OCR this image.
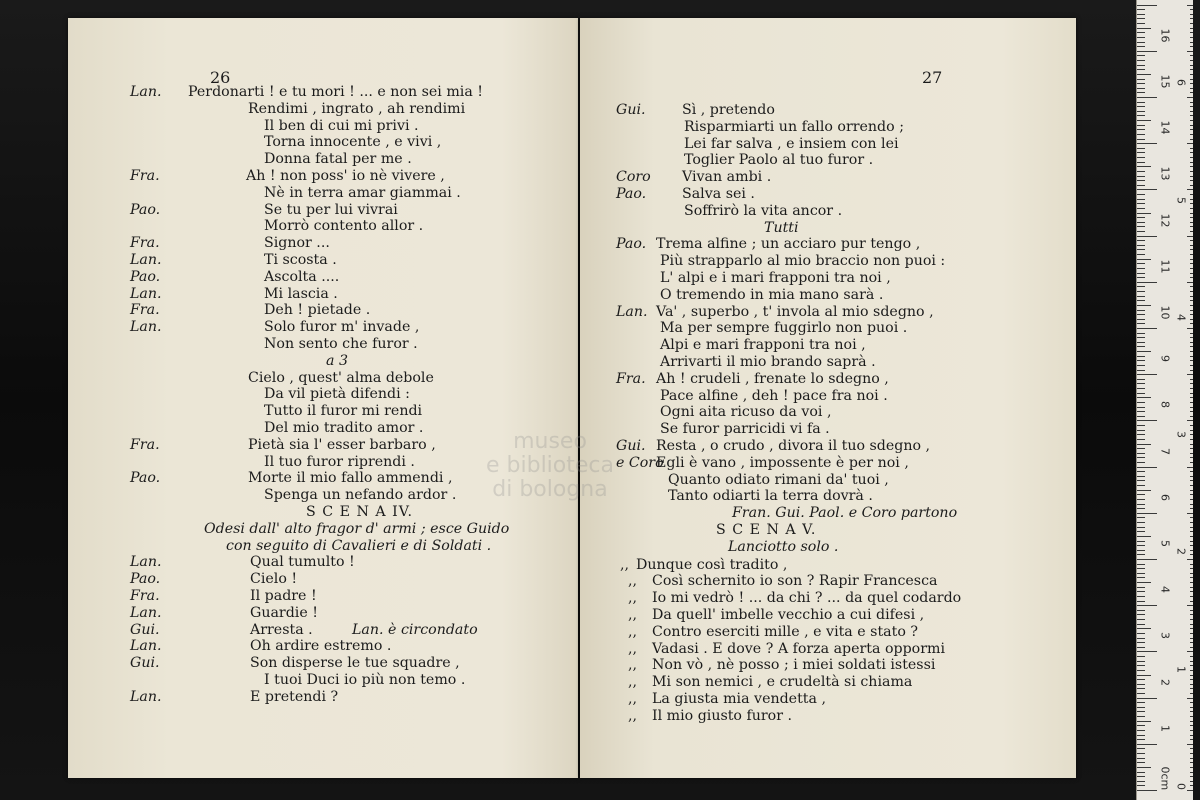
26
Lan. Perdonarti ! e tu mori ! ... e non sei mia !
Rendimi , ingrato , ah rendimi
Il ben di cui mi privi .
Torna innocente , e vivi ,
Donna fatal per me .
Fra.	Ah ! non poss' io nè vivere ,
Nè in terra amar giammai .
Pao.	Se tu per lui vivrai
Morrò contento allor .
Fra.	Signor ...
Lan.	Ti scosta .
Pao.	Ascolta ....
Lan.	Mi lascia .
Fra.	Deh ! pietade .
Lan.	Solo furor m' invade ,
Non sento che furor .
a 3
Cielo , quest' alma debole
Da vil pietà difendi :
Tutto il furor mi rendi
Del mio tradito amor .
Fra.	Pietà sia l' esser barbaro ,
Il tuo furor riprendi .
Pao.	Morte il mio fallo ammendi ,
Spenga un nefando ardor .
S C E N A IV.
Odesi dall' alto fragor d' armi ; esce Guido
con seguito di Cavalieri e di Soldati .
Lan.	Qual tumulto !
Pao.	Cielo !
Fra.	Il padre !
Lan.	Guardie !
Gui.	Arresta .	Lan. è circondato
Lan.	Oh ardire estremo .
Gui.	Son disperse le tue squadre ,
I tuoi Duci io più non temo .
Lan.	E pretendi ?
27
Gui.	Sì , pretendo
Risparmiarti un fallo orrendo ;
Lei far salva , e insiem con lei
Toglier Paolo al tuo furor .
Coro Vivan ambi .
Pao.	Salva sei .
Soffrirò la vita ancor .
Tutti
Pao. Trema alfine ; un acciaro pur tengo ,
Più strapparlo al mio braccio non puoi :
L' alpi e i mari frapponi tra noi ,
O tremendo in mia mano sarà .
Lan. Va' , superbo , t' invola al mio sdegno ,
Ma per sempre fuggirlo non puoi .
Alpi e mari frapponi tra noi ,
Arrivarti il mio brando saprà .
Fra. Ah ! crudeli , frenate lo sdegno ,
Pace alfine , deh ! pace fra noi .
Ogni aita ricuso da voi ,
Se furor parricidi vi fa .
Gui. Resta , o crudo , divora il tuo sdegno ,
e Coro
Egli è vano , impossente è per noi ,
Quanto odiato rimani da' tuoi ,
Tanto odiarti la terra dovrà .
Fran. Gui. Paol. e Coro partono
S C E N A V.
Lanciotto solo .
,, Dunque così tradito ,
,, Così schernito io son ? Rapir Francesca
,, Io mi vedrò ! ... da chi ? ... da quel codardo
,, Da quell' imbelle vecchio a cui difesi ,
,, Contro eserciti mille , e vita e stato ?
,, Vadasi . E dove ? A forza aperta oppormi
,, Non vò , nè posso ; i miei soldati istessi
,, Mi son nemici , e crudeltà si chiama
,, La giusta mia vendetta ,
,, Il mio giusto furor .
museo
e biblioteca
di bologna
0cm
1
2
3
4
5
6
7
8
9
10
11
12
13
14
15
16
0
1
2
3
4
5
6
